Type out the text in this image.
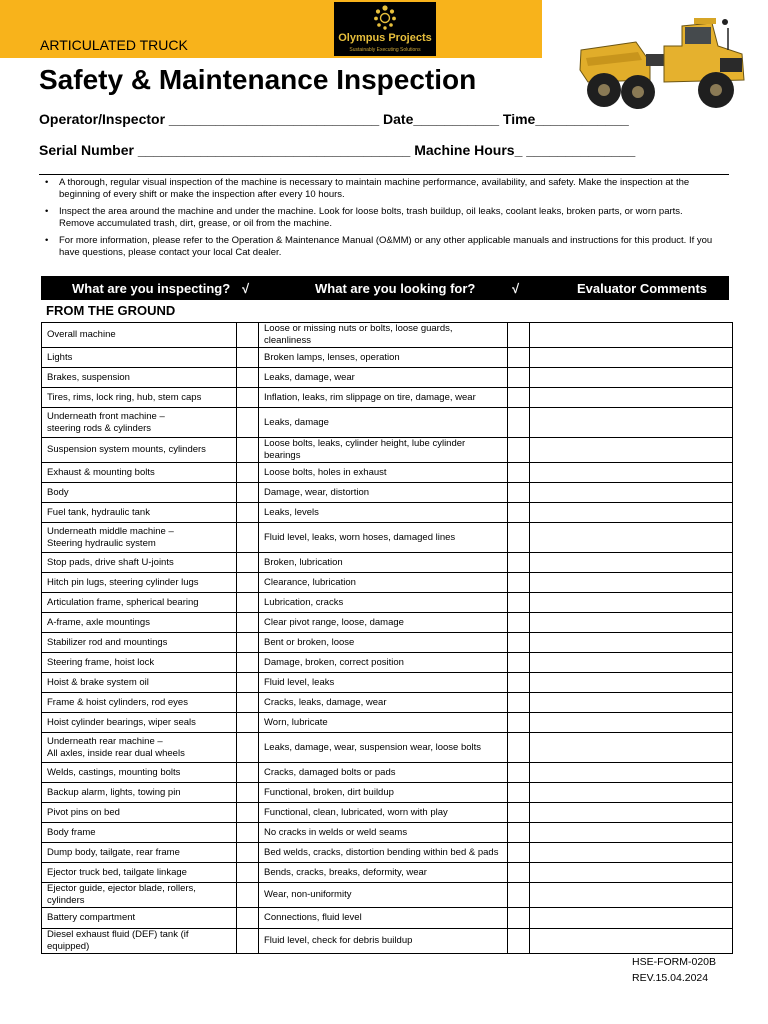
Olympus Projects
Sustainably Executing Solutions
ARTICULATED TRUCK
Safety & Maintenance Inspection
Operator/Inspector ___________________________ Date___________ Time____________
Serial Number ___________________________________ Machine Hours_ ______________
• A thorough, regular visual inspection of the machine is necessary to maintain machine performance, availability, and safety. Make the inspection at the beginning of every shift or make the inspection after every 10 hours.
• Inspect the area around the machine and under the machine. Look for loose bolts, trash buildup, oil leaks, coolant leaks, broken parts, or worn parts. Remove accumulated trash, dirt, grease, or oil from the machine.
• For more information, please refer to the Operation & Maintenance Manual (O&MM) or any other applicable manuals and instructions for this product. If you have questions, please contact your local Cat dealer.
What are you inspecting? √	What are you looking for?	√	Evaluator Comments
FROM THE GROUND
Overall machine		Loose or missing nuts or bolts, loose guards, cleanliness		
Lights		Broken lamps, lenses, operation		
Brakes, suspension		Leaks, damage, wear		
Tires, rims, lock ring, hub, stem caps		Inflation, leaks, rim slippage on tire, damage, wear		
Underneath front machine –
steering rods & cylinders		Leaks, damage		
Suspension system mounts, cylinders		Loose bolts, leaks, cylinder height, lube cylinder bearings		
Exhaust & mounting bolts		Loose bolts, holes in exhaust		
Body		Damage, wear, distortion		
Fuel tank, hydraulic tank		Leaks, levels		
Underneath middle machine –
Steering hydraulic system		Fluid level, leaks, worn hoses, damaged lines		
Stop pads, drive shaft U-joints		Broken, lubrication		
Hitch pin lugs, steering cylinder lugs		Clearance, lubrication		
Articulation frame, spherical bearing		Lubrication, cracks		
A-frame, axle mountings		Clear pivot range, loose, damage		
Stabilizer rod and mountings		Bent or broken, loose		
Steering frame, hoist lock		Damage, broken, correct position		
Hoist & brake system oil		Fluid level, leaks		
Frame & hoist cylinders, rod eyes		Cracks, leaks, damage, wear		
Hoist cylinder bearings, wiper seals		Worn, lubricate		
Underneath rear machine –
All axles, inside rear dual wheels		Leaks, damage, wear, suspension wear, loose bolts		
Welds, castings, mounting bolts		Cracks, damaged bolts or pads		
Backup alarm, lights, towing pin		Functional, broken, dirt buildup		
Pivot pins on bed		Functional, clean, lubricated, worn with play		
Body frame		No cracks in welds or weld seams		
Dump body, tailgate, rear frame		Bed welds, cracks, distortion bending within bed & pads		
Ejector truck bed, tailgate linkage		Bends, cracks, breaks, deformity, wear		
Ejector guide, ejector blade, rollers, cylinders		Wear, non-uniformity		
Battery compartment		Connections, fluid level		
Diesel exhaust fluid (DEF) tank (if equipped)		Fluid level, check for debris buildup		
HSE-FORM-020B
REV.15.04.2024
